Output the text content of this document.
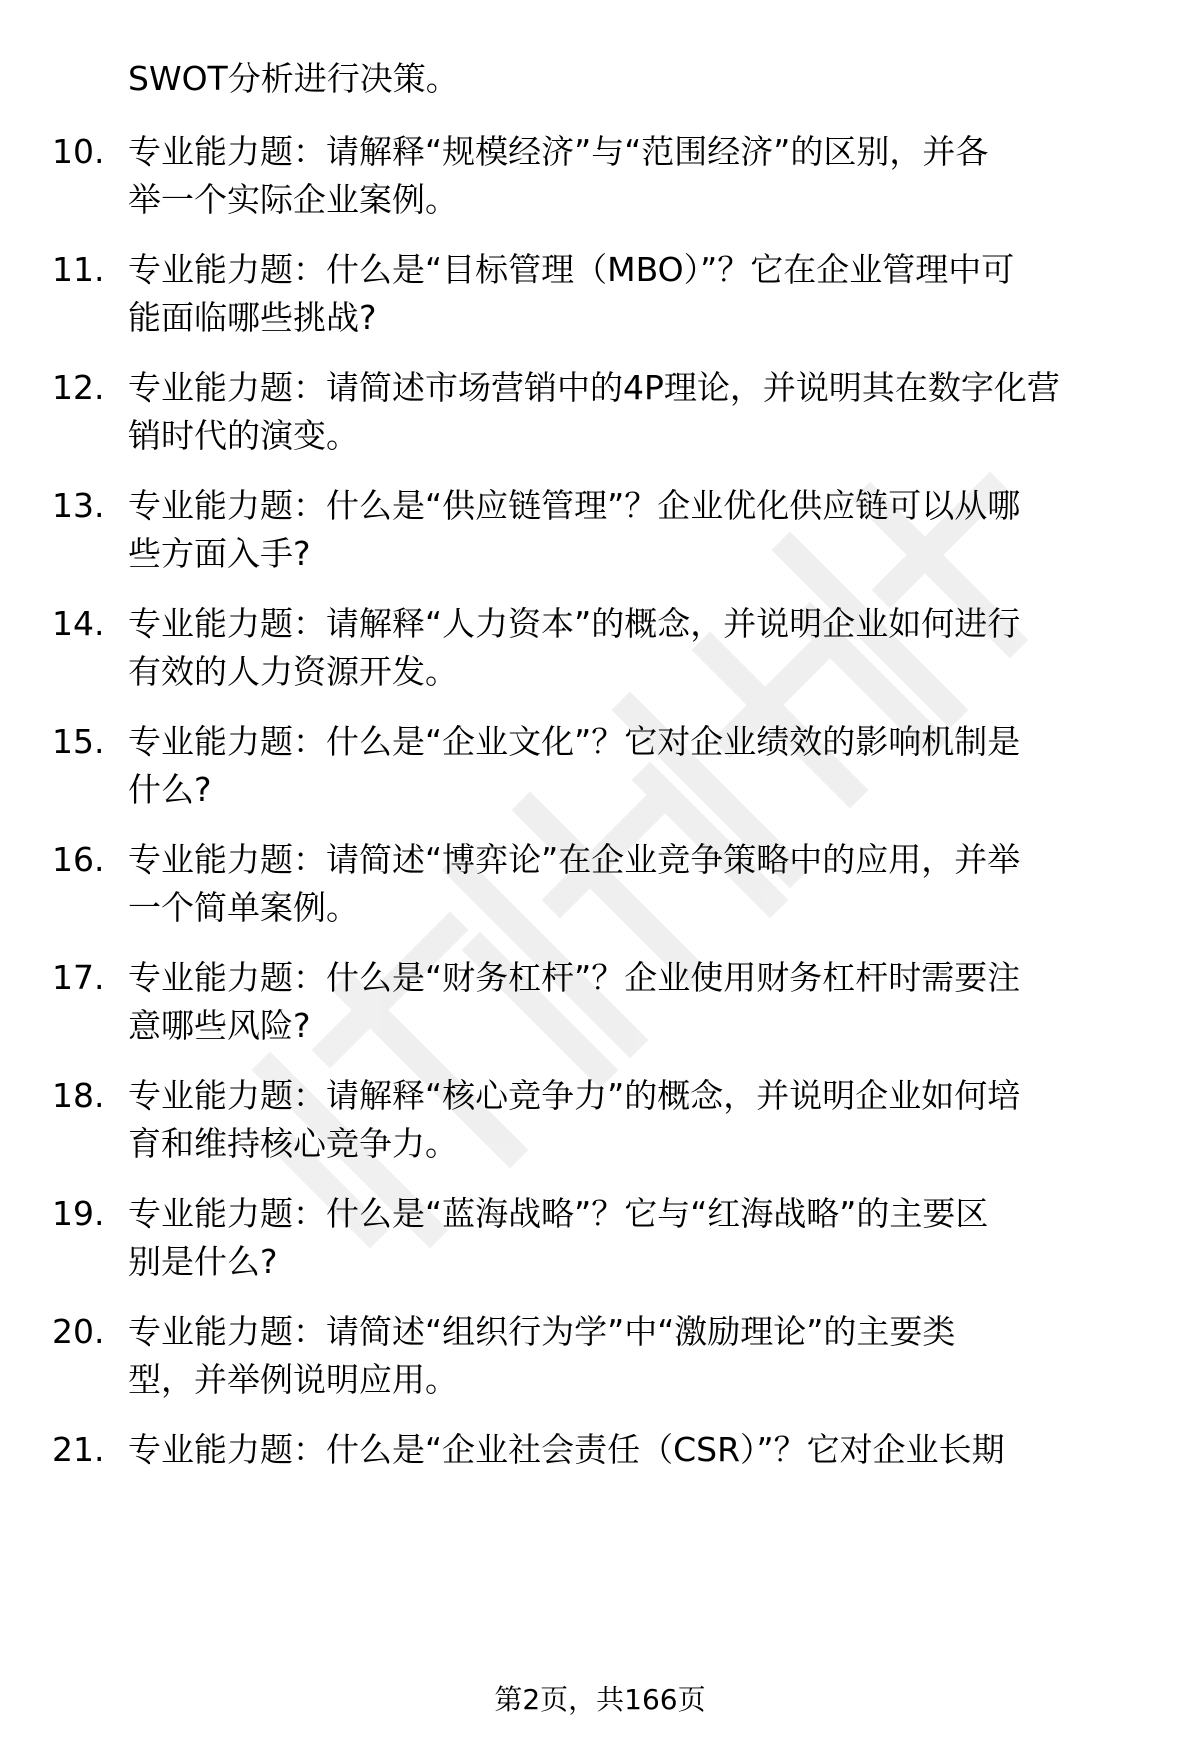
SWOT分析进行决策。
10. 专业能力题：请解释“规模经济”与“范围经济”的区别，并各
举一个实际企业案例。
11. 专业能力题：什么是“目标管理（MBO）”？它在企业管理中可
能面临哪些挑战?
12. 专业能力题：请简述市场营销中的4P理论，并说明其在数字化营
销时代的演变。
13. 专业能力题：什么是“供应链管理”？企业优化供应链可以从哪
些方面入手?
14. 专业能力题：请解释“人力资本”的概念，并说明企业如何进行
有效的人力资源开发。
15. 专业能力题：什么是“企业文化”？它对企业绩效的影响机制是
什么?
16. 专业能力题：请简述“博弈论”在企业竞争策略中的应用，并举
一个简单案例。
17. 专业能力题：什么是“财务杠杆”？企业使用财务杠杆时需要注
意哪些风险?
18. 专业能力题：请解释“核心竞争力”的概念，并说明企业如何培
育和维持核心竞争力。
19. 专业能力题：什么是“蓝海战略”？它与“红海战略”的主要区
别是什么?
20. 专业能力题：请简述“组织行为学”中“激励理论”的主要类
型，并举例说明应用。
21. 专业能力题：什么是“企业社会责任（CSR）”？它对企业长期
第2页，共166页
